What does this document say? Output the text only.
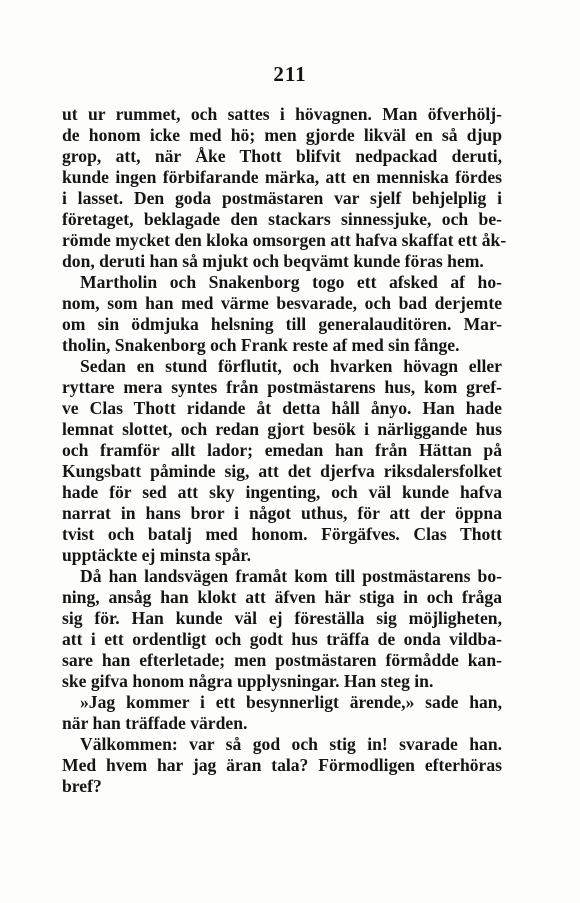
211
ut ur rummet, och sattes i hövagnen. Man öfverhölj-
de honom icke med hö; men gjorde likväl en så djup
grop, att, när Åke Thott blifvit nedpackad deruti,
kunde ingen förbifarande märka, att en menniska fördes
i lasset. Den goda postmästaren var sjelf behjelplig i
företaget, beklagade den stackars sinnessjuke, och be-
römde mycket den kloka omsorgen att hafva skaffat ett åk-
don, deruti han så mjukt och beqvämt kunde föras hem.
Martholin och Snakenborg togo ett afsked af ho-
nom, som han med värme besvarade, och bad derjemte
om sin ödmjuka helsning till generalauditören. Mar-
tholin, Snakenborg och Frank reste af med sin fånge.
Sedan en stund förflutit, och hvarken hövagn eller
ryttare mera syntes från postmästarens hus, kom gref-
ve Clas Thott ridande åt detta håll ånyo. Han hade
lemnat slottet, och redan gjort besök i närliggande hus
och framför allt lador; emedan han från Hättan på
Kungsbatt påminde sig, att det djerfva riksdalersfolket
hade för sed att sky ingenting, och väl kunde hafva
narrat in hans bror i något uthus, för att der öppna
tvist och batalj med honom. Förgäfves. Clas Thott
upptäckte ej minsta spår.
Då han landsvägen framåt kom till postmästarens bo-
ning, ansåg han klokt att äfven här stiga in och fråga
sig för. Han kunde väl ej föreställa sig möjligheten,
att i ett ordentligt och godt hus träffa de onda vildba-
sare han efterletade; men postmästaren förmådde kan-
ske gifva honom några upplysningar. Han steg in.
»Jag kommer i ett besynnerligt ärende,» sade han,
när han träffade värden.
Välkommen: var så god och stig in! svarade han.
Med hvem har jag äran tala? Förmodligen efterhöras
bref?
